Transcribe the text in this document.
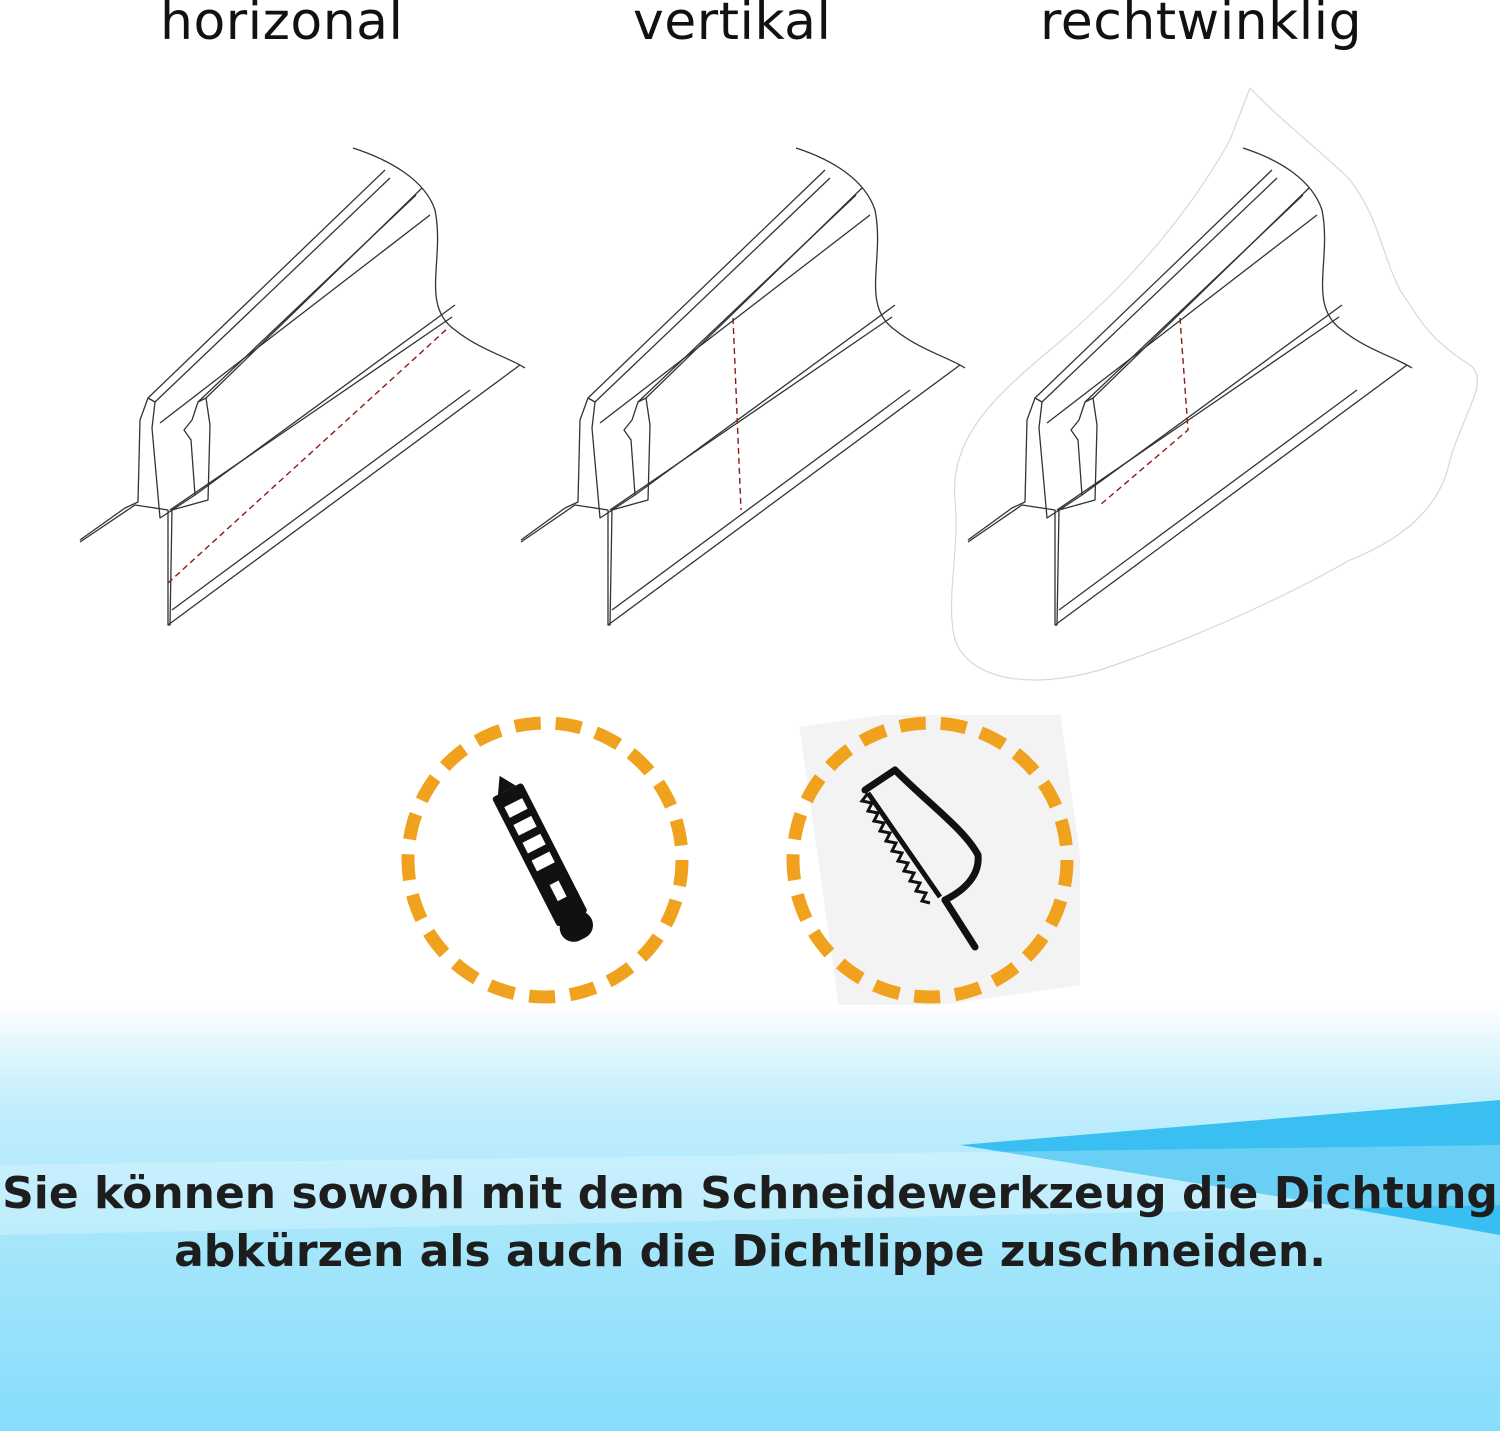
horizonal	vertikal	rechtwinklig

Sie können sowohl mit dem Schneidewerkzeug die Dichtung
abkürzen als auch die Dichtlippe zuschneiden.
